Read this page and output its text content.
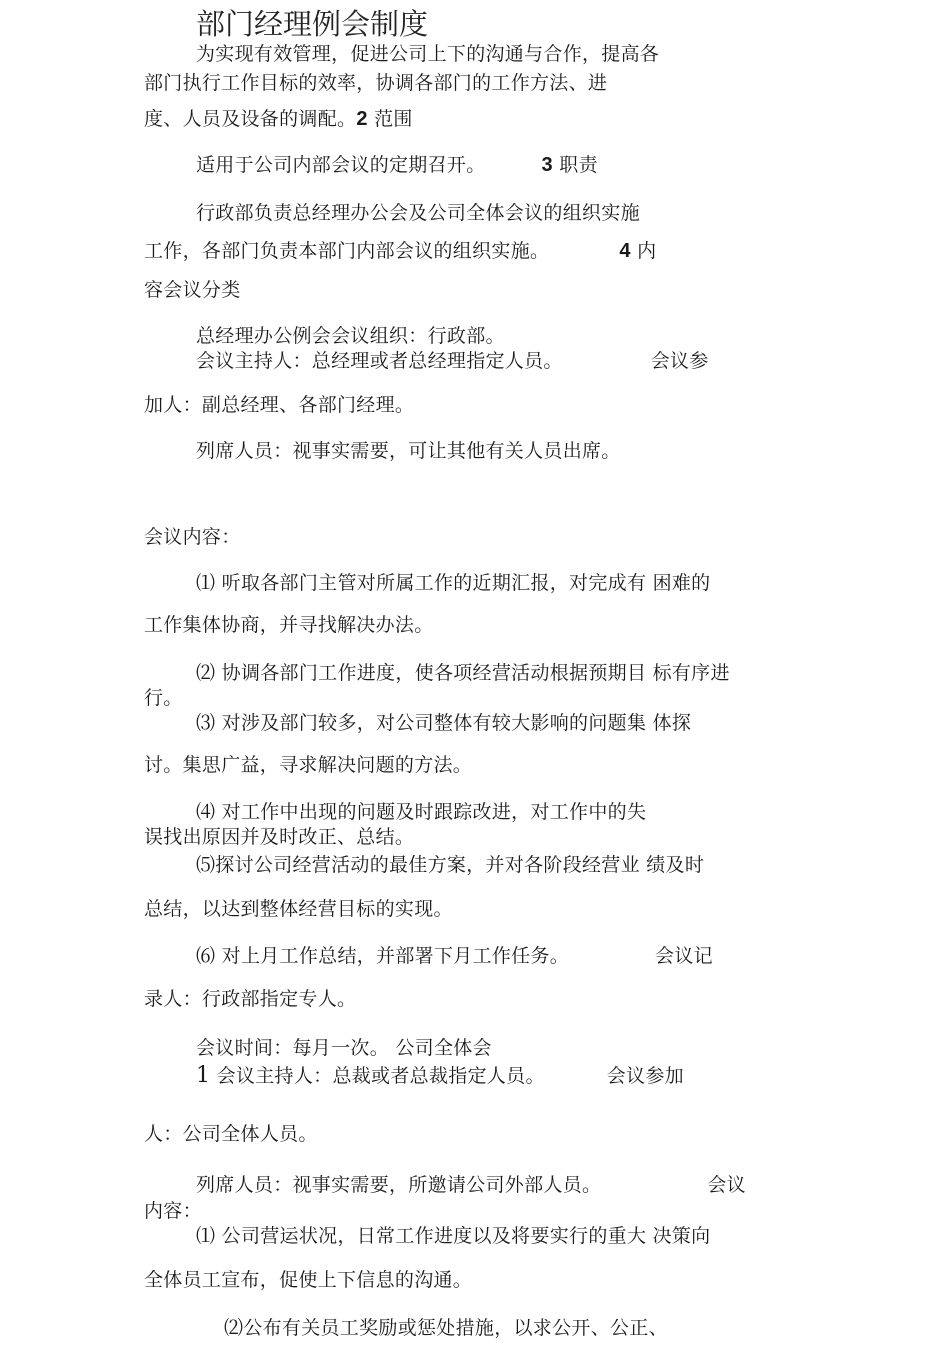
部门经理例会制度
为实现有效管理，促进公司上下的沟通与合作，提高各
部门执行工作目标的效率，协调各部门的工作方法、进
度、人员及设备的调配。2 范围
适用于公司内部会议的定期召开。	3 职责
行政部负责总经理办公会及公司全体会议的组织实施
工作，各部门负责本部门内部会议的组织实施。	4 内
容会议分类
总经理办公例会会议组织：行政部。
会议主持人：总经理或者总经理指定人员。	会议参
加人：副总经理、各部门经理。
列席人员：视事实需要，可让其他有关人员出席。
会议内容：
⑴ 听取各部门主管对所属工作的近期汇报，对完成有 困难的
工作集体协商，并寻找解决办法。
⑵ 协调各部门工作进度，使各项经营活动根据预期目 标有序进
行。
⑶ 对涉及部门较多，对公司整体有较大影响的问题集 体探
讨。集思广益，寻求解决问题的方法。
⑷ 对工作中出现的问题及时跟踪改进，对工作中的失
误找出原因并及时改正、总结。
⑸探讨公司经营活动的最佳方案，并对各阶段经营业 绩及时
总结，以达到整体经营目标的实现。
⑹ 对上月工作总结，并部署下月工作任务。	会议记
录人：行政部指定专人。
会议时间：每月一次。 公司全体会
1 会议主持人：总裁或者总裁指定人员。	会议参加
人：公司全体人员。
列席人员：视事实需要，所邀请公司外部人员。	会议
内容：
⑴ 公司营运状况，日常工作进度以及将要实行的重大 决策向
全体员工宣布，促使上下信息的沟通。
⑵公布有关员工奖励或惩处措施，以求公开、公正、
